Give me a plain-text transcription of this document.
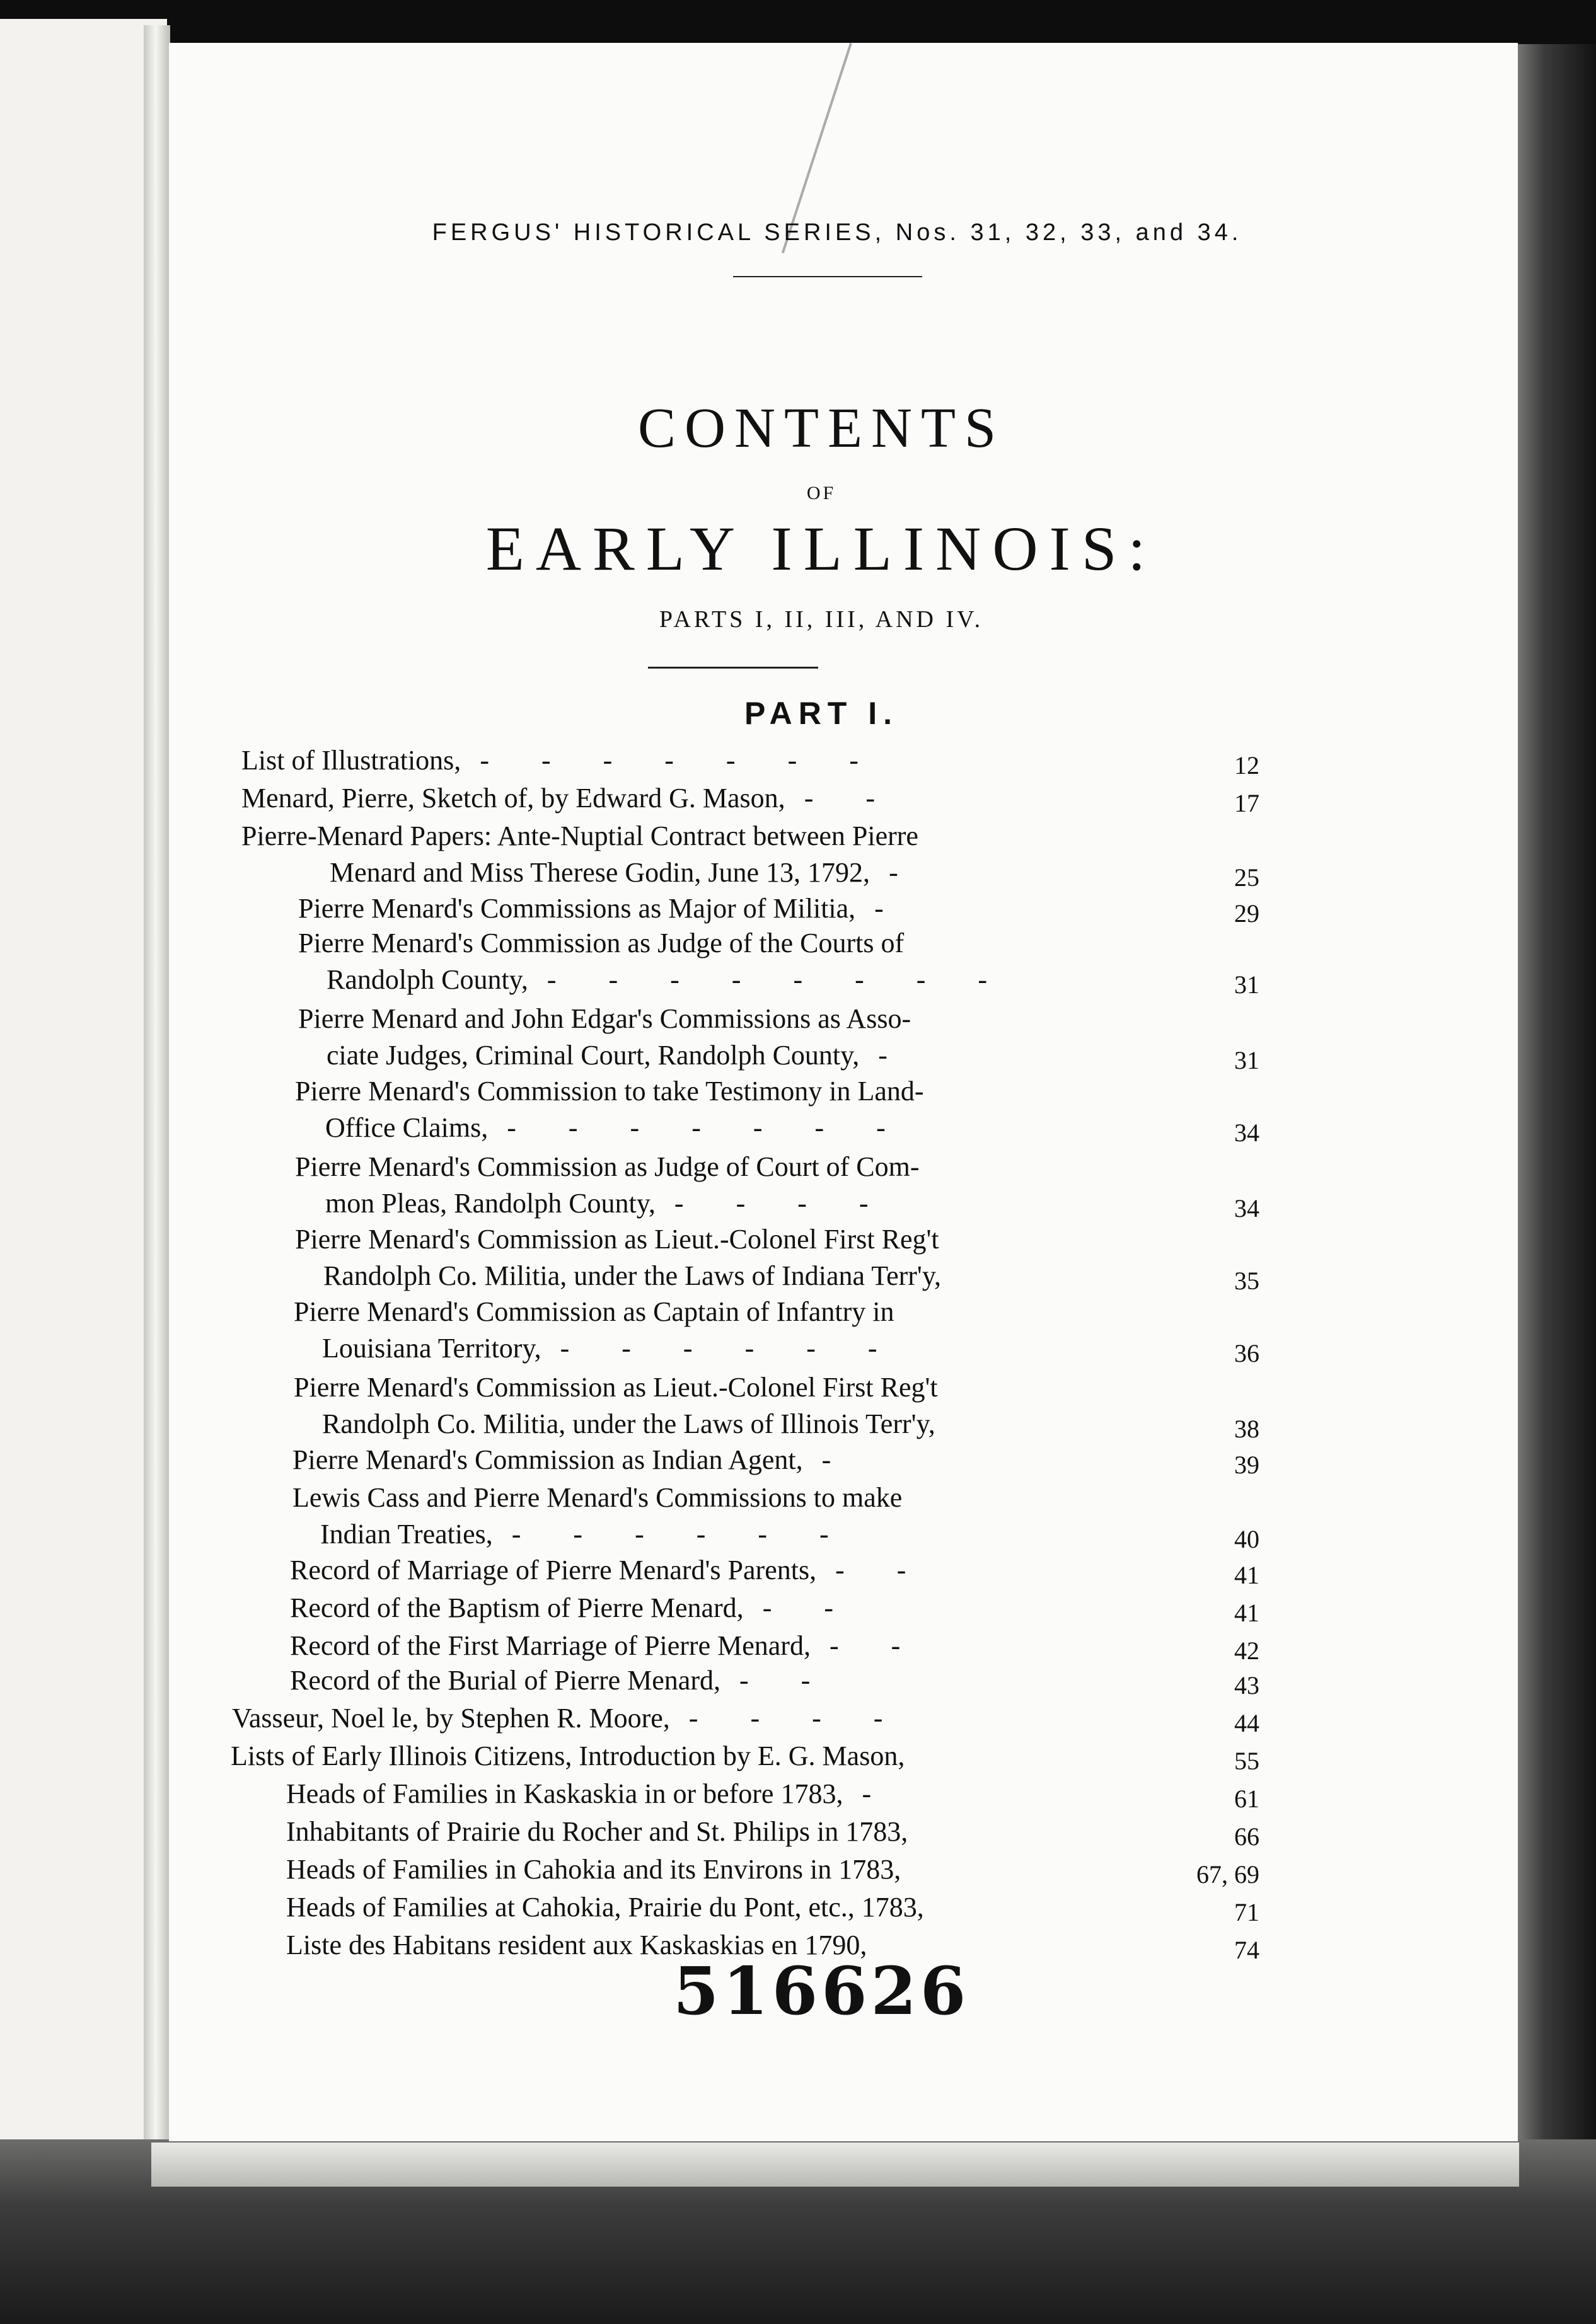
FERGUS' HISTORICAL SERIES, Nos. 31, 32, 33, and 34.
CONTENTS
OF
EARLY ILLINOIS:
PARTS I, II, III, AND IV.
PART I.
List of Illustrations, - - - - - - -	12
Menard, Pierre, Sketch of, by Edward G. Mason, - -	17
Pierre-Menard Papers: Ante-Nuptial Contract between Pierre
Menard and Miss Therese Godin, June 13, 1792, -	25
Pierre Menard's Commissions as Major of Militia, -	29
Pierre Menard's Commission as Judge of the Courts of
Randolph County, - - - - - - - -	31
Pierre Menard and John Edgar's Commissions as Asso-
ciate Judges, Criminal Court, Randolph County, -	31
Pierre Menard's Commission to take Testimony in Land-
Office Claims, - - - - - - -	34
Pierre Menard's Commission as Judge of Court of Com-
mon Pleas, Randolph County, - - - -	34
Pierre Menard's Commission as Lieut.-Colonel First Reg't
Randolph Co. Militia, under the Laws of Indiana Terr'y,	35
Pierre Menard's Commission as Captain of Infantry in
Louisiana Territory, - - - - - -	36
Pierre Menard's Commission as Lieut.-Colonel First Reg't
Randolph Co. Militia, under the Laws of Illinois Terr'y,	38
Pierre Menard's Commission as Indian Agent, -	39
Lewis Cass and Pierre Menard's Commissions to make
Indian Treaties, - - - - - -	40
Record of Marriage of Pierre Menard's Parents, - -	41
Record of the Baptism of Pierre Menard, - -	41
Record of the First Marriage of Pierre Menard, - -	42
Record of the Burial of Pierre Menard, - -	43
Vasseur, Noel le, by Stephen R. Moore, - - - -	44
Lists of Early Illinois Citizens, Introduction by E. G. Mason,	55
Heads of Families in Kaskaskia in or before 1783, -	61
Inhabitants of Prairie du Rocher and St. Philips in 1783,	66
Heads of Families in Cahokia and its Environs in 1783,	67, 69
Heads of Families at Cahokia, Prairie du Pont, etc., 1783,	71
Liste des Habitans resident aux Kaskaskias en 1790,	74
516626
